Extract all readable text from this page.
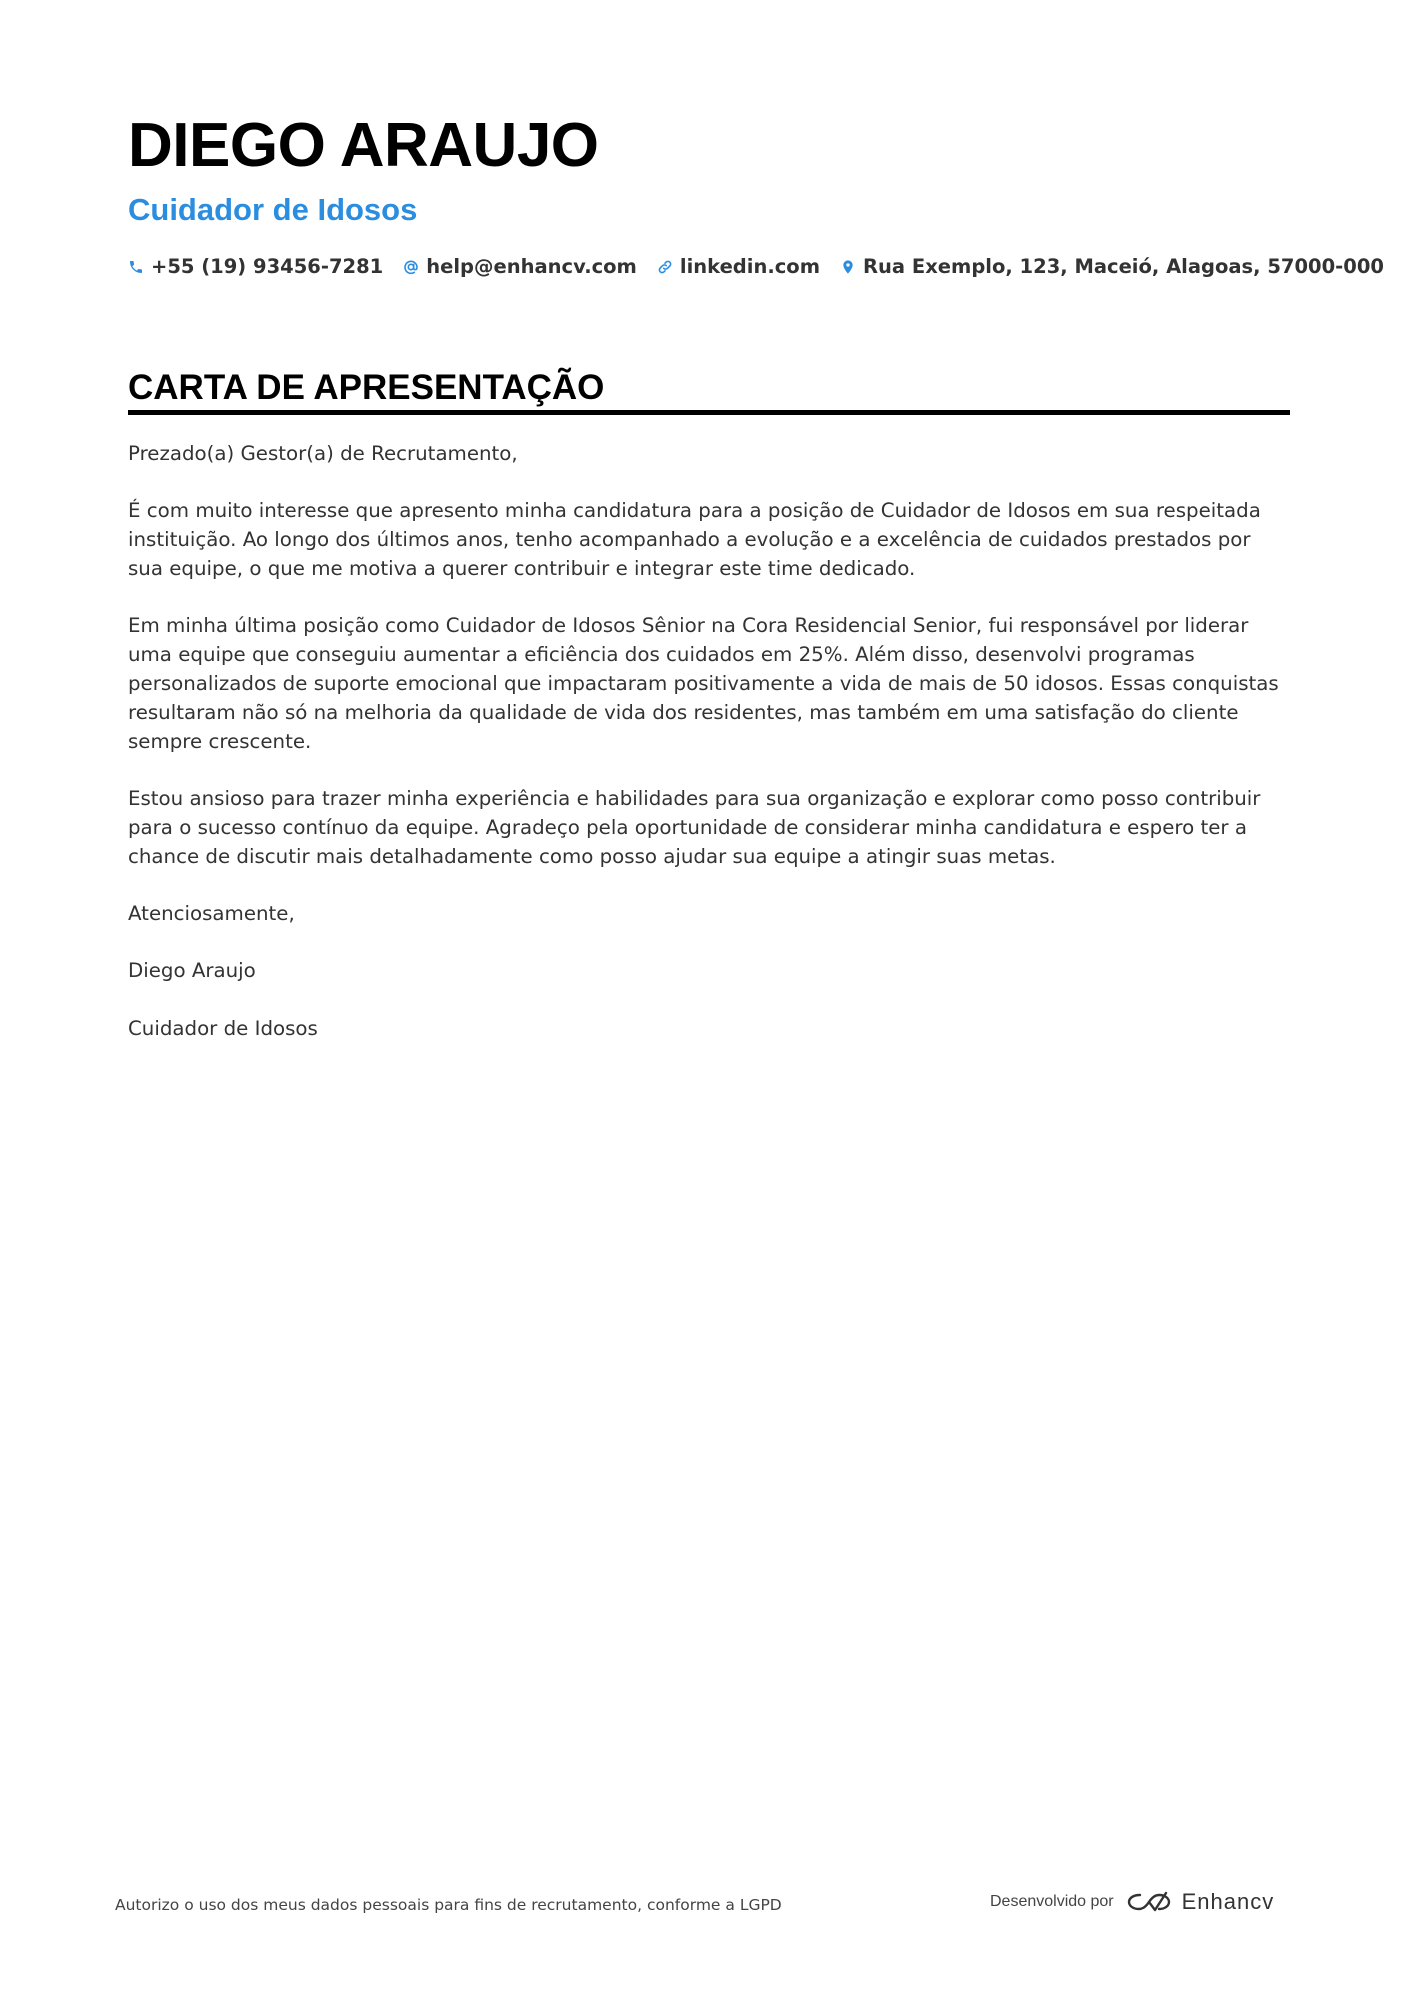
DIEGO ARAUJO
Cuidador de Idosos
+55 (19) 93456-7281 help@enhancv.com linkedin.com Rua Exemplo, 123, Maceió, Alagoas, 57000-000
CARTA DE APRESENTAÇÃO

Prezado(a) Gestor(a) de Recrutamento,

É com muito interesse que apresento minha candidatura para a posição de Cuidador de Idosos em sua respeitada instituição. Ao longo dos últimos anos, tenho acompanhado a evolução e a excelência de cuidados prestados por sua equipe, o que me motiva a querer contribuir e integrar este time dedicado.

Em minha última posição como Cuidador de Idosos Sênior na Cora Residencial Senior, fui responsável por liderar uma equipe que conseguiu aumentar a eficiência dos cuidados em 25%. Além disso, desenvolvi programas personalizados de suporte emocional que impactaram positivamente a vida de mais de 50 idosos. Essas conquistas resultaram não só na melhoria da qualidade de vida dos residentes, mas também em uma satisfação do cliente sempre crescente.

Estou ansioso para trazer minha experiência e habilidades para sua organização e explorar como posso contribuir para o sucesso contínuo da equipe. Agradeço pela oportunidade de considerar minha candidatura e espero ter a chance de discutir mais detalhadamente como posso ajudar sua equipe a atingir suas metas.

Atenciosamente,

Diego Araujo

Cuidador de Idosos

Autorizo o uso dos meus dados pessoais para fins de recrutamento, conforme a LGPD	Desenvolvido por	Enhancv
